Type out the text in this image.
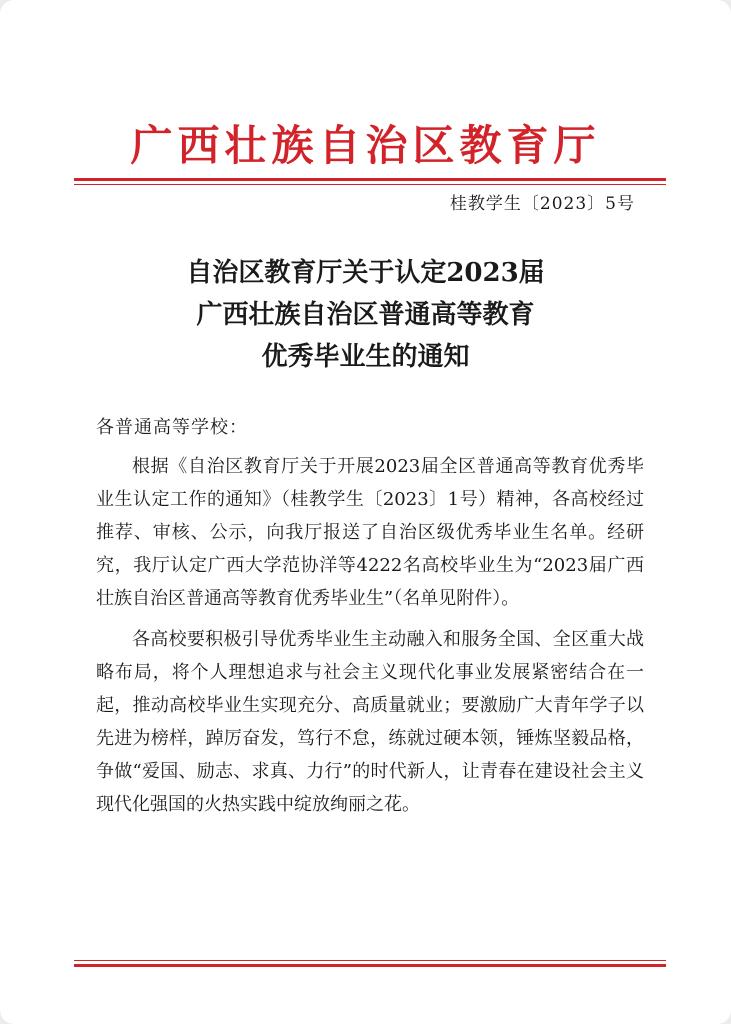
广西壮族自治区教育厅
桂教学生〔2023〕5号
自治区教育厅关于认定2023届
广西壮族自治区普通高等教育
优秀毕业生的通知
各普通高等学校：

根据《自治区教育厅关于开展2023届全区普通高等教育优秀毕业生认定工作的通知》（桂教学生〔2023〕1号）精神，各高校经过推荐、审核、公示，向我厅报送了自治区级优秀毕业生名单。经研究，我厅认定广西大学范协洋等4222名高校毕业生为“2023届广西壮族自治区普通高等教育优秀毕业生”（名单见附件）。

各高校要积极引导优秀毕业生主动融入和服务全国、全区重大战略布局，将个人理想追求与社会主义现代化事业发展紧密结合在一起，推动高校毕业生实现充分、高质量就业；要激励广大青年学子以先进为榜样，踔厉奋发，笃行不怠，练就过硬本领，锤炼坚毅品格，争做“爱国、励志、求真、力行”的时代新人，让青春在建设社会主义现代化强国的火热实践中绽放绚丽之花。
